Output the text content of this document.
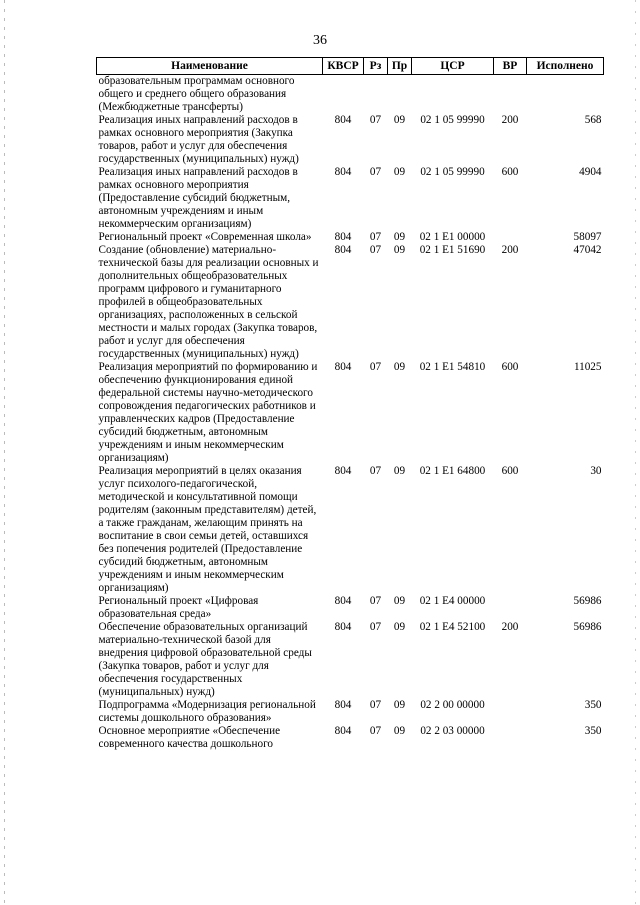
36
Наименование	КВСР	Рз	Пр	ЦСР	ВР	Исполнено
образовательным программам основного общего и среднего общего образования (Межбюджетные трансферты)						
Реализация иных направлений расходов в рамках основного мероприятия (Закупка товаров, работ и услуг для обеспечения государственных (муниципальных) нужд)	804	07	09	02 1 05 99990	200	568
Реализация иных направлений расходов в рамках основного мероприятия (Предоставление субсидий бюджетным, автономным учреждениям и иным некоммерческим организациям)	804	07	09	02 1 05 99990	600	4904
Региональный проект «Современная школа»	804	07	09	02 1 E1 00000		58097
Создание (обновление) материально-технической базы для реализации основных и дополнительных общеобразовательных программ цифрового и гуманитарного профилей в общеобразовательных организациях, расположенных в сельской местности и малых городах (Закупка товаров, работ и услуг для обеспечения государственных (муниципальных) нужд)	804	07	09	02 1 E1 51690	200	47042
Реализация мероприятий по формированию и обеспечению функционирования единой федеральной системы научно-методического сопровождения педагогических работников и управленческих кадров (Предоставление субсидий бюджетным, автономным учреждениям и иным некоммерческим организациям)	804	07	09	02 1 E1 54810	600	11025
Реализация мероприятий в целях оказания услуг психолого-педагогической, методической и консультативной помощи родителям (законным представителям) детей, а также гражданам, желающим принять на воспитание в свои семьи детей, оставшихся без попечения родителей (Предоставление субсидий бюджетным, автономным учреждениям и иным некоммерческим организациям)	804	07	09	02 1 E1 64800	600	30
Региональный проект «Цифровая образовательная среда»	804	07	09	02 1 E4 00000		56986
Обеспечение образовательных организаций материально-технической базой для внедрения цифровой образовательной среды (Закупка товаров, работ и услуг для обеспечения государственных (муниципальных) нужд)	804	07	09	02 1 E4 52100	200	56986
Подпрограмма «Модернизация региональной системы дошкольного образования»	804	07	09	02 2 00 00000		350
Основное мероприятие «Обеспечение современного качества дошкольного	804	07	09	02 2 03 00000		350
